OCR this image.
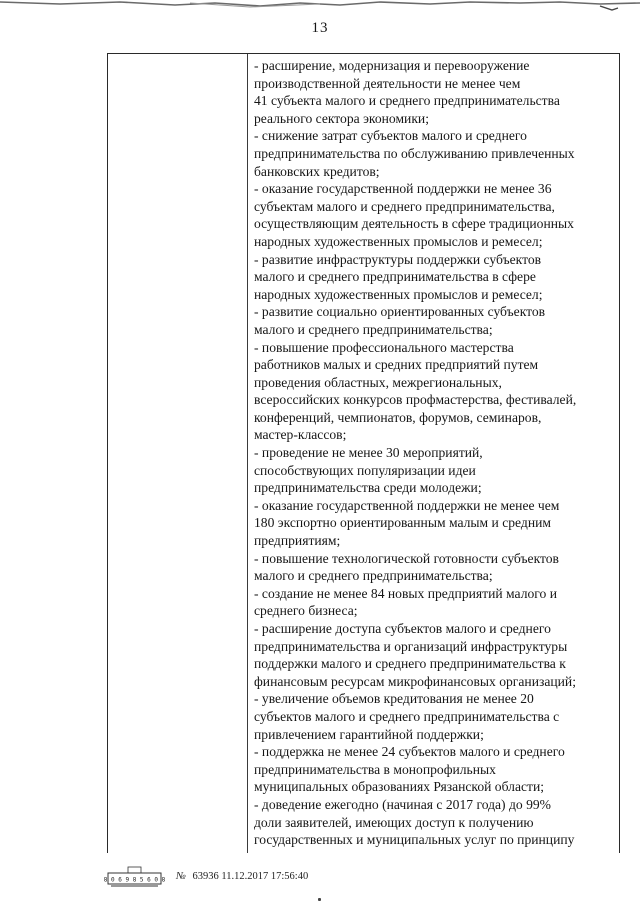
13
- расширение, модернизация и перевооружение
производственной деятельности не менее чем
41 субъекта малого и среднего предпринимательства
реального сектора экономики;
- снижение затрат субъектов малого и среднего
предпринимательства по обслуживанию привлеченных
банковских кредитов;
- оказание государственной поддержки не менее 36
субъектам малого и среднего предпринимательства,
осуществляющим деятельность в сфере традиционных
народных художественных промыслов и ремесел;
- развитие инфраструктуры поддержки субъектов
малого и среднего предпринимательства в сфере
народных художественных промыслов и ремесел;
- развитие социально ориентированных субъектов
малого и среднего предпринимательства;
- повышение профессионального мастерства
работников малых и средних предприятий путем
проведения областных, межрегиональных,
всероссийских конкурсов профмастерства, фестивалей,
конференций, чемпионатов, форумов, семинаров,
мастер-классов;
- проведение не менее 30 мероприятий,
способствующих популяризации идеи
предпринимательства среди молодежи;
- оказание государственной поддержки не менее чем
180 экспортно ориентированным малым и средним
предприятиям;
- повышение технологической готовности субъектов
малого и среднего предпринимательства;
- создание не менее 84 новых предприятий малого и
среднего бизнеса;
- расширение доступа субъектов малого и среднего
предпринимательства и организаций инфраструктуры
поддержки малого и среднего предпринимательства к
финансовым ресурсам микрофинансовых организаций;
- увеличение объемов кредитования не менее 20
субъектов малого и среднего предпринимательства с
привлечением гарантийной поддержки;
- поддержка не менее 24 субъектов малого и среднего
предпринимательства в монопрофильных
муниципальных образованиях Рязанской области;
- доведение ежегодно (начиная с 2017 года) до 99%
доли заявителей, имеющих доступ к получению
государственных и муниципальных услуг по принципу
8 0 6 9 8 5 6 0 8 № 63936 11.12.2017 17:56:40
